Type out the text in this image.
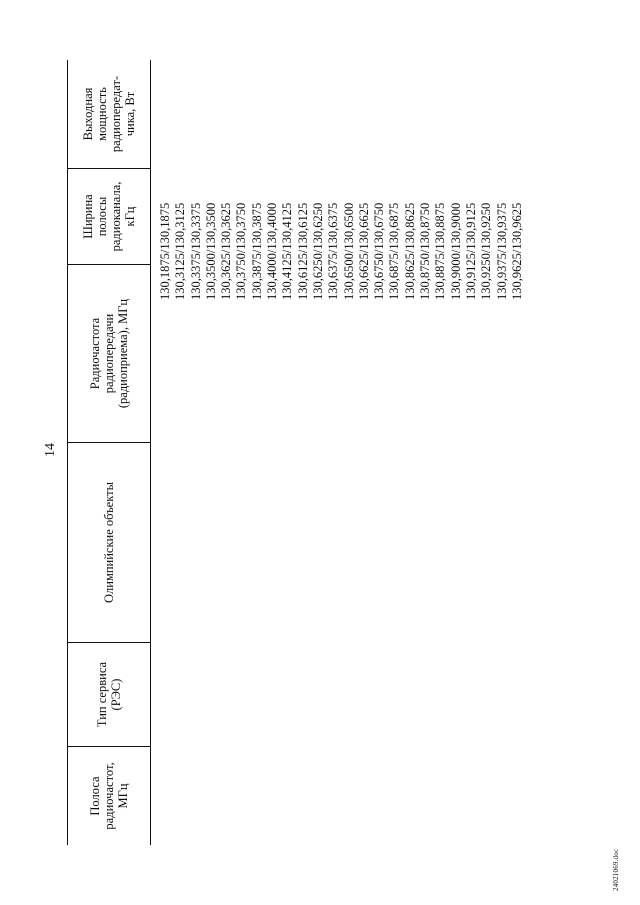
14
Полоса радиочастот, МГц
Тип сервиса (РЭС)
Олимпийские объекты
Радиочастота радиопередачи (радиоприема), МГц
Ширина полосы радиоканала, кГц
Выходная мощность радиопередат-чика, Вт
130,1875/130,1875 130,3125/130,3125 130,3375/130,3375 130,3500/130,3500 130,3625/130,3625 130,3750/130,3750 130,3875/130,3875 130,4000/130,4000 130,4125/130,4125 130,6125/130,6125 130,6250/130,6250 130,6375/130,6375 130,6500/130,6500 130,6625/130,6625 130,6750/130,6750 130,6875/130,6875 130,8625/130,8625 130,8750/130,8750 130,8875/130,8875 130,9000/130,9000 130,9125/130,9125 130,9250/130,9250 130,9375/130,9375 130,9625/130,9625
24021069.doc
